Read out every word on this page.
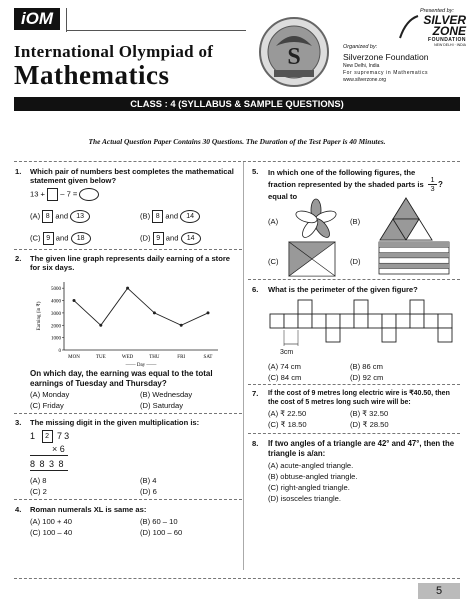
iOM
International Olympiad of
Mathematics
S
Presented by:
SILVER
ZONE
FOUNDATION
NEW DELHI · INDIA
Organized by:
Silverzone Foundation
New Delhi, India
For supremacy in Mathematics
www.silverzone.org
CLASS : 4 (SYLLABUS & SAMPLE QUESTIONS)
The Actual Question Paper Contains 30 Questions. The Duration of the Test Paper is 40 Minutes.
1. Which pair of numbers best completes the mathematical statement given below?
13 + – 7 =
(A) 8 and 13	(B) 8 and 14
(C) 9 and 18	(D) 9 and 14
2. The given line graph represents daily earning of a store for six days.
0
1000
2000
3000
4000
5000
MON	TUE	WED	THU	FRI	SAT
—— Day ——
Earning (in ₹)
On which day, the earning was equal to the total earnings of Tuesday and Thursday?
(A) Monday	(B) Wednesday
(C) Friday	(D) Saturday
3. The missing digit in the given multiplication is:
1 2 73
× 6
8 8 3 8
(A) 8	(B) 4
(C) 2	(D) 6
4. Roman numerals XL is same as:
(A) 100 + 40	(B) 60 – 10
(C) 100 – 40	(D) 100 – 60
5. In which one of the following figures, the fraction represented by the shaded parts is equal to
$\frac{1}{3}$ ?
(A)	(B)
(C)	(D)
6. What is the perimeter of the given figure?
3cm
(A) 74 cm	(B) 86 cm
(C) 84 cm	(D) 92 cm
7. If the cost of 9 metres long electric wire is ₹40.50, then the cost of 5 metres long such wire will be:
(A) ₹ 22.50	(B) ₹ 32.50
(C) ₹ 18.50	(D) ₹ 28.50
8. If two angles of a triangle are 42° and 47°, then the triangle is a/an:
(A) acute-angled triangle.
(B) obtuse-angled triangle.
(C) right-angled triangle.
(D) isosceles triangle.
5
